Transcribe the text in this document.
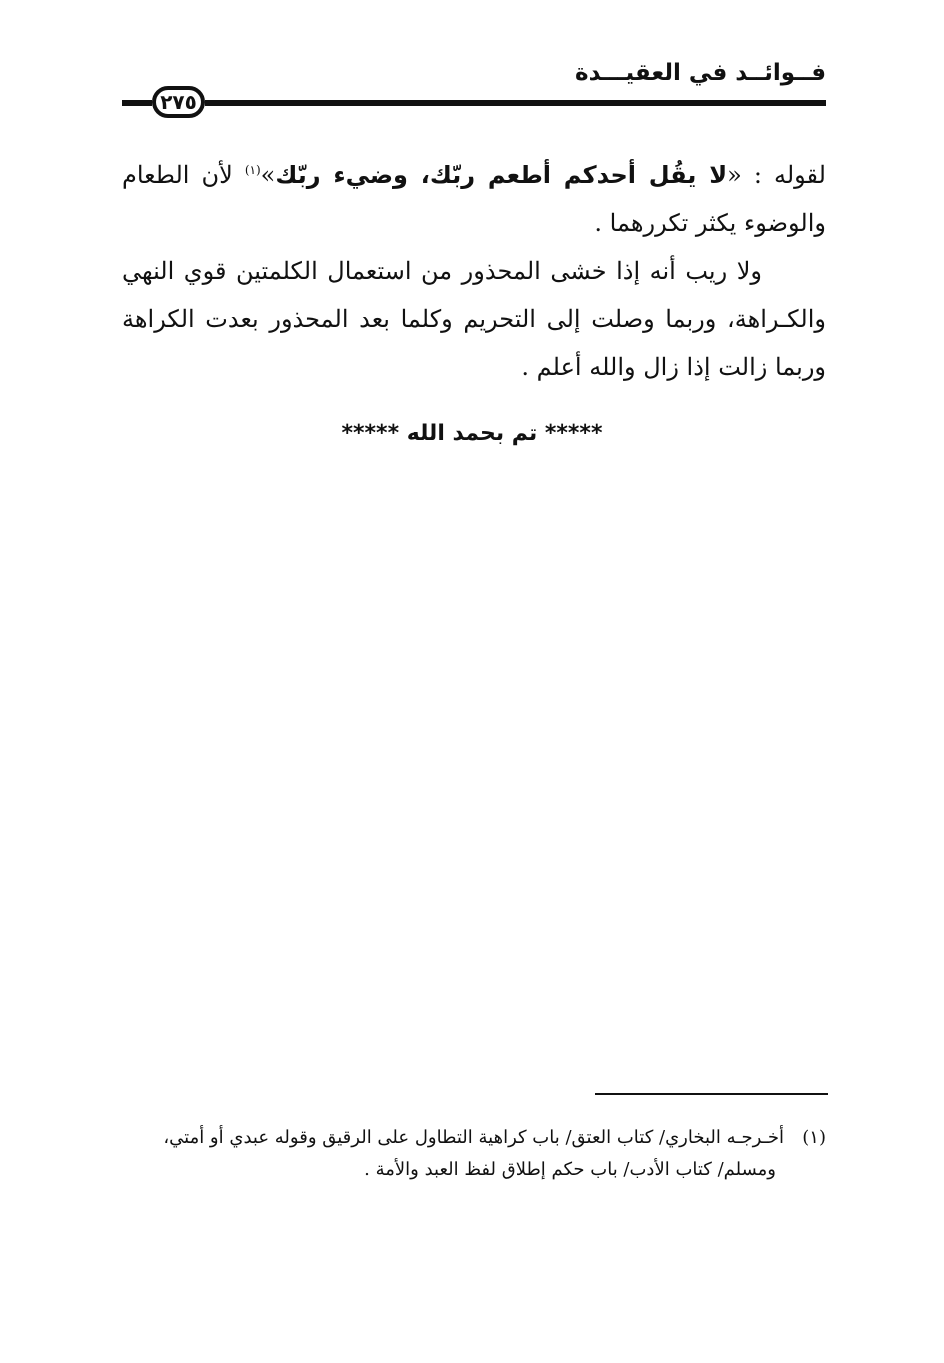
فــوائــد في العقيـــدة
٢٧٥

لقوله : «لا يقُل أحدكم أطعم ربّك، وضيء ربّك»$^{(١)}$ لأن الطعام والوضوء يكثر تكررهما .

ولا ريب أنه إذا خشى المحذور من استعمال الكلمتين قوي النهي والكـراهة، وربما وصلت إلى التحريم وكلما بعد المحذور بعدت الكراهة وربما زالت إذا زال والله أعلم .

***** تم بحمد الله *****

(١)أخـرجـه البخاري/ كتاب العتق/ باب كراهية التطاول على الرقيق وقوله عبدي أو أمتي،

ومسلم/ كتاب الأدب/ باب حكم إطلاق لفظ العبد والأمة .
